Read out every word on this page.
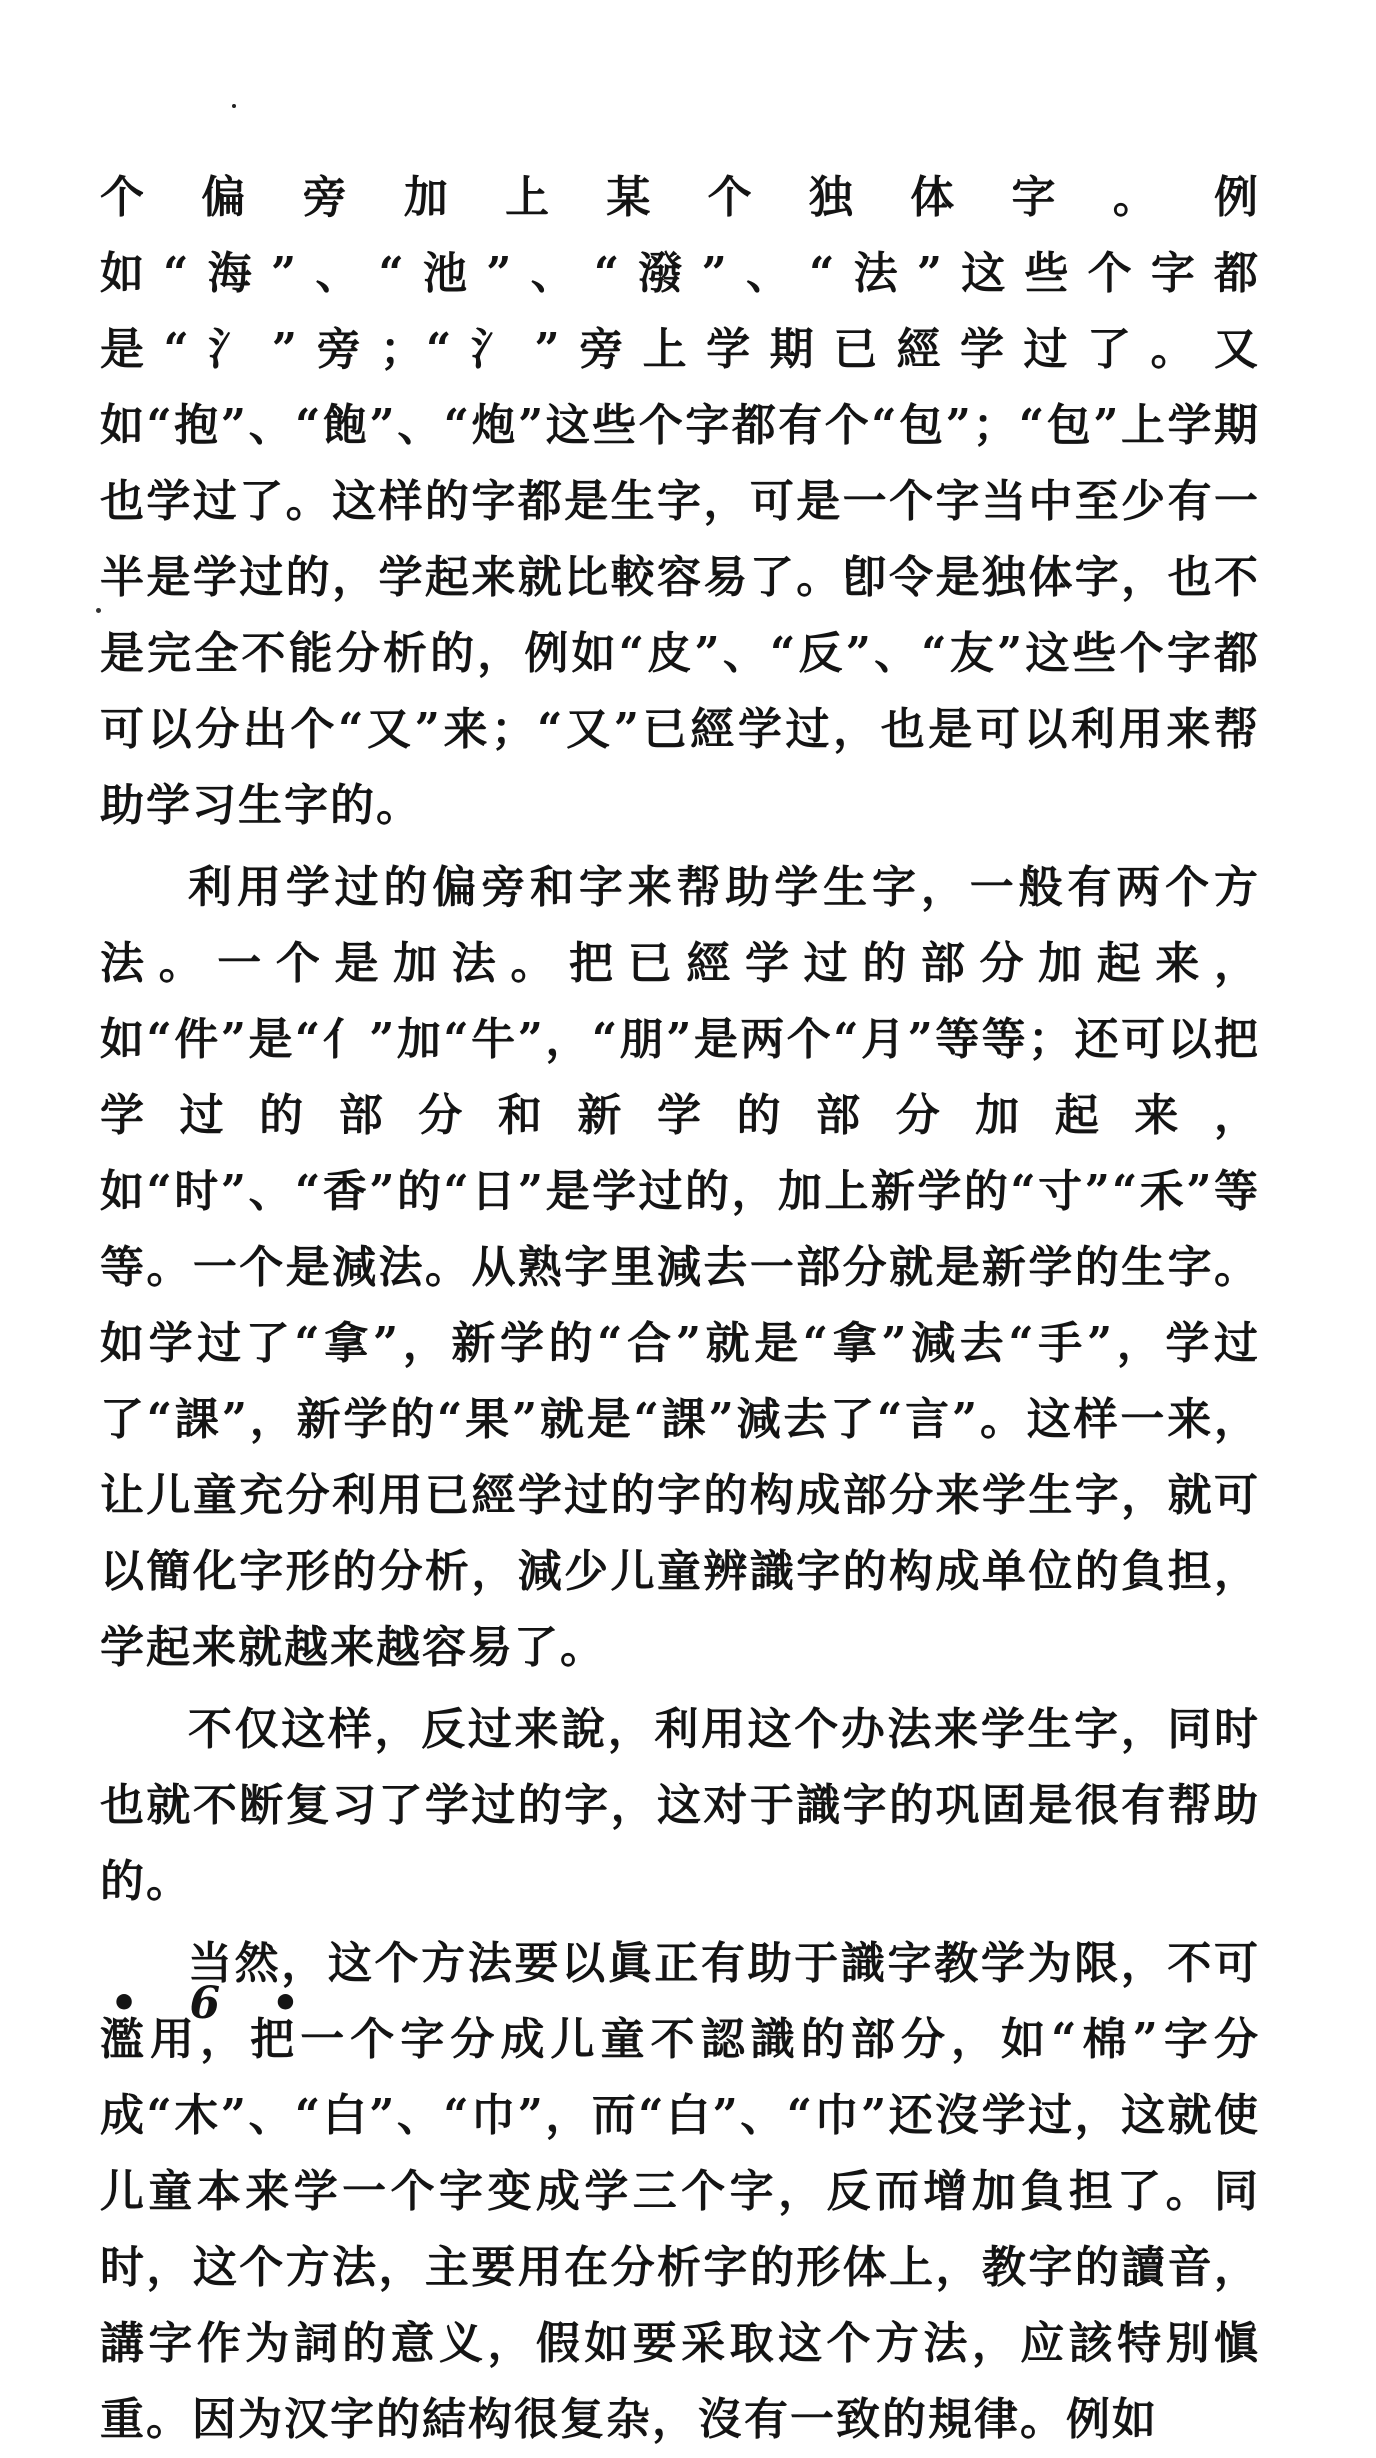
个偏旁加上某个独体字。例如“海”、“池”、“潑”、“法”这些个字都是“氵”旁；“氵”旁上学期已經学过了。又如“抱”、“飽”、“炮”这些个字都有个“包”；“包”上学期也学过了。这样的字都是生字，可是一个字当中至少有一半是学过的，学起来就比較容易了。卽令是独体字，也不是完全不能分析的，例如“皮”、“反”、“友”这些个字都可以分出个“又”来；“又”已經学过，也是可以利用来帮助学习生字的。

利用学过的偏旁和字来帮助学生字，一般有两个方法。一个是加法。把已經学过的部分加起来，如“件”是“亻”加“牛”，“朋”是两个“月”等等；还可以把学过的部分和新学的部分加起来，如“时”、“香”的“日”是学过的，加上新学的“寸”“禾”等等。一个是減法。从熟字里減去一部分就是新学的生字。如学过了“拿”，新学的“合”就是“拿”減去“手”，学过了“課”，新学的“果”就是“課”減去了“言”。这样一来，让儿童充分利用已經学过的字的构成部分来学生字，就可以簡化字形的分析，減少儿童辨識字的构成单位的負担，学起来就越来越容易了。

不仅这样，反过来說，利用这个办法来学生字，同时也就不断复习了学过的字，这对于識字的巩固是很有帮助的。

当然，这个方法要以眞正有助于識字教学为限，不可濫用，把一个字分成儿童不認識的部分，如“棉”字分成“木”、“白”、“巾”，而“白”、“巾”还沒学过，这就使儿童本来学一个字变成学三个字，反而增加負担了。同时，这个方法，主要用在分析字的形体上，教字的讀音，講字作为詞的意义，假如要采取这个方法，应該特別愼重。因为汉字的結构很复杂，沒有一致的規律。例如

• 6 •
